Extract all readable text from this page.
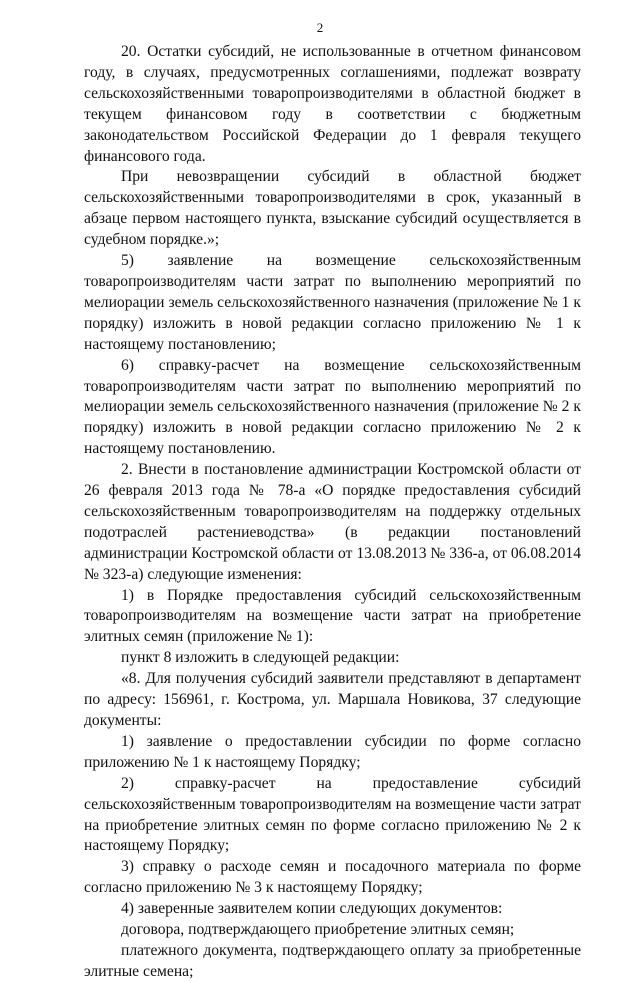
2

20. Остатки субсидий, не использованные в отчетном финансовом году, в случаях, предусмотренных соглашениями, подлежат возврату сельскохозяйственными товаропроизводителями в областной бюджет в текущем финансовом году в соответствии с бюджетным законодательством Российской Федерации до 1 февраля текущего финансового года.

При невозвращении субсидий в областной бюджет сельскохозяйственными товаропроизводителями в срок, указанный в абзаце первом настоящего пункта, взыскание субсидий осуществляется в судебном порядке.»;

5) заявление на возмещение сельскохозяйственным товаропроизводителям части затрат по выполнению мероприятий по мелиорации земель сельскохозяйственного назначения (приложение № 1 к порядку) изложить в новой редакции согласно приложению № 1 к настоящему постановлению;

6) справку-расчет на возмещение сельскохозяйственным товаропроизводителям части затрат по выполнению мероприятий по мелиорации земель сельскохозяйственного назначения (приложение № 2 к порядку) изложить в новой редакции согласно приложению № 2 к настоящему постановлению.

2. Внести в постановление администрации Костромской области от 26 февраля 2013 года № 78-а «О порядке предоставления субсидий сельскохозяйственным товаропроизводителям на поддержку отдельных подотраслей растениеводства» (в редакции постановлений администрации Костромской области от 13.08.2013 № 336-а, от 06.08.2014 № 323-а) следующие изменения:

1) в Порядке предоставления субсидий сельскохозяйственным товаропроизводителям на возмещение части затрат на приобретение элитных семян (приложение № 1):

пункт 8 изложить в следующей редакции:

«8. Для получения субсидий заявители представляют в департамент по адресу: 156961, г. Кострома, ул. Маршала Новикова, 37 следующие документы:

1) заявление о предоставлении субсидии по форме согласно приложению № 1 к настоящему Порядку;

2) справку-расчет на предоставление субсидий сельскохозяйственным товаропроизводителям на возмещение части затрат на приобретение элитных семян по форме согласно приложению № 2 к настоящему Порядку;

3) справку о расходе семян и посадочного материала по форме согласно приложению № 3 к настоящему Порядку;

4) заверенные заявителем копии следующих документов:

договора, подтверждающего приобретение элитных семян;

платежного документа, подтверждающего оплату за приобретенные элитные семена;
